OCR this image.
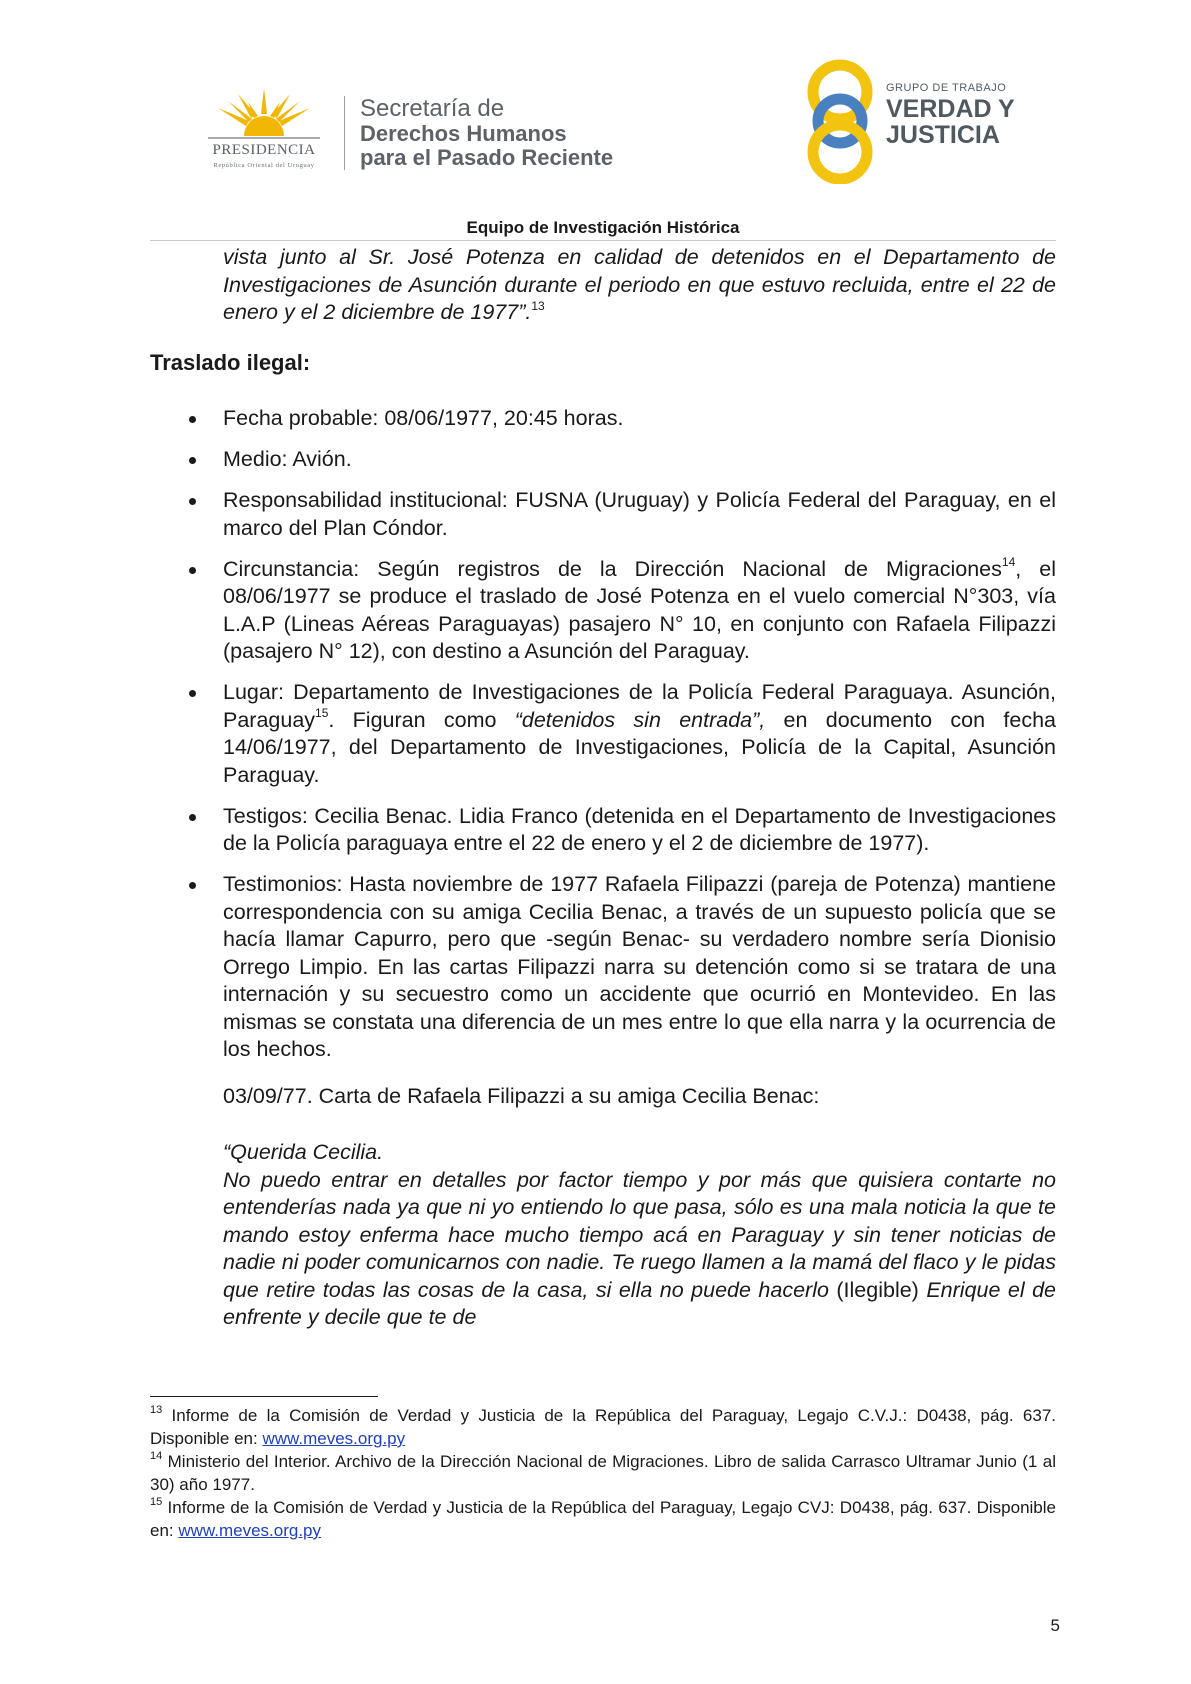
PRESIDENCIA
República Oriental del Uruguay
Secretaría de
Derechos Humanos
para el Pasado Reciente
GRUPO DE TRABAJO
VERDAD Y
JUSTICIA
Equipo de Investigación Histórica
vista junto al Sr. José Potenza en calidad de detenidos en el Departamento de Investigaciones de Asunción durante el periodo en que estuvo recluida, entre el 22 de enero y el 2 diciembre de 1977”.$^{13}$
Traslado ilegal:
Fecha probable: 08/06/1977, 20:45 horas.
Medio: Avión.
Responsabilidad institucional: FUSNA (Uruguay) y Policía Federal del Paraguay, en el marco del Plan Cóndor.
Circunstancia: Según registros de la Dirección Nacional de Migraciones$^{14}$, el 08/06/1977 se produce el traslado de José Potenza en el vuelo comercial N°303, vía L.A.P (Lineas Aéreas Paraguayas) pasajero N° 10, en conjunto con Rafaela Filipazzi (pasajero N° 12), con destino a Asunción del Paraguay.
Lugar: Departamento de Investigaciones de la Policía Federal Paraguaya. Asunción, Paraguay$^{15}$. Figuran como “detenidos sin entrada”, en documento con fecha 14/06/1977, del Departamento de Investigaciones, Policía de la Capital, Asunción Paraguay.
Testigos: Cecilia Benac. Lidia Franco (detenida en el Departamento de Investigaciones de la Policía paraguaya entre el 22 de enero y el 2 de diciembre de 1977).
Testimonios: Hasta noviembre de 1977 Rafaela Filipazzi (pareja de Potenza) mantiene correspondencia con su amiga Cecilia Benac, a través de un supuesto policía que se hacía llamar Capurro, pero que -según Benac- su verdadero nombre sería Dionisio Orrego Limpio. En las cartas Filipazzi narra su detención como si se tratara de una internación y su secuestro como un accidente que ocurrió en Montevideo. En las mismas se constata una diferencia de un mes entre lo que ella narra y la ocurrencia de los hechos.
03/09/77. Carta de Rafaela Filipazzi a su amiga Cecilia Benac:
“Querida Cecilia.
No puedo entrar en detalles por factor tiempo y por más que quisiera contarte no entenderías nada ya que ni yo entiendo lo que pasa, sólo es una mala noticia la que te mando estoy enferma hace mucho tiempo acá en Paraguay y sin tener noticias de nadie ni poder comunicarnos con nadie. Te ruego llamen a la mamá del flaco y le pidas que retire todas las cosas de la casa, si ella no puede hacerlo (Ilegible) Enrique el de enfrente y decile que te de

$^{13}$ Informe de la Comisión de Verdad y Justicia de la República del Paraguay, Legajo C.V.J.: D0438, pág. 637. Disponible en: www.meves.org.py

$^{14}$ Ministerio del Interior. Archivo de la Dirección Nacional de Migraciones. Libro de salida Carrasco Ultramar Junio (1 al 30) año 1977.

$^{15}$ Informe de la Comisión de Verdad y Justicia de la República del Paraguay, Legajo CVJ: D0438, pág. 637. Disponible en: www.meves.org.py

5
